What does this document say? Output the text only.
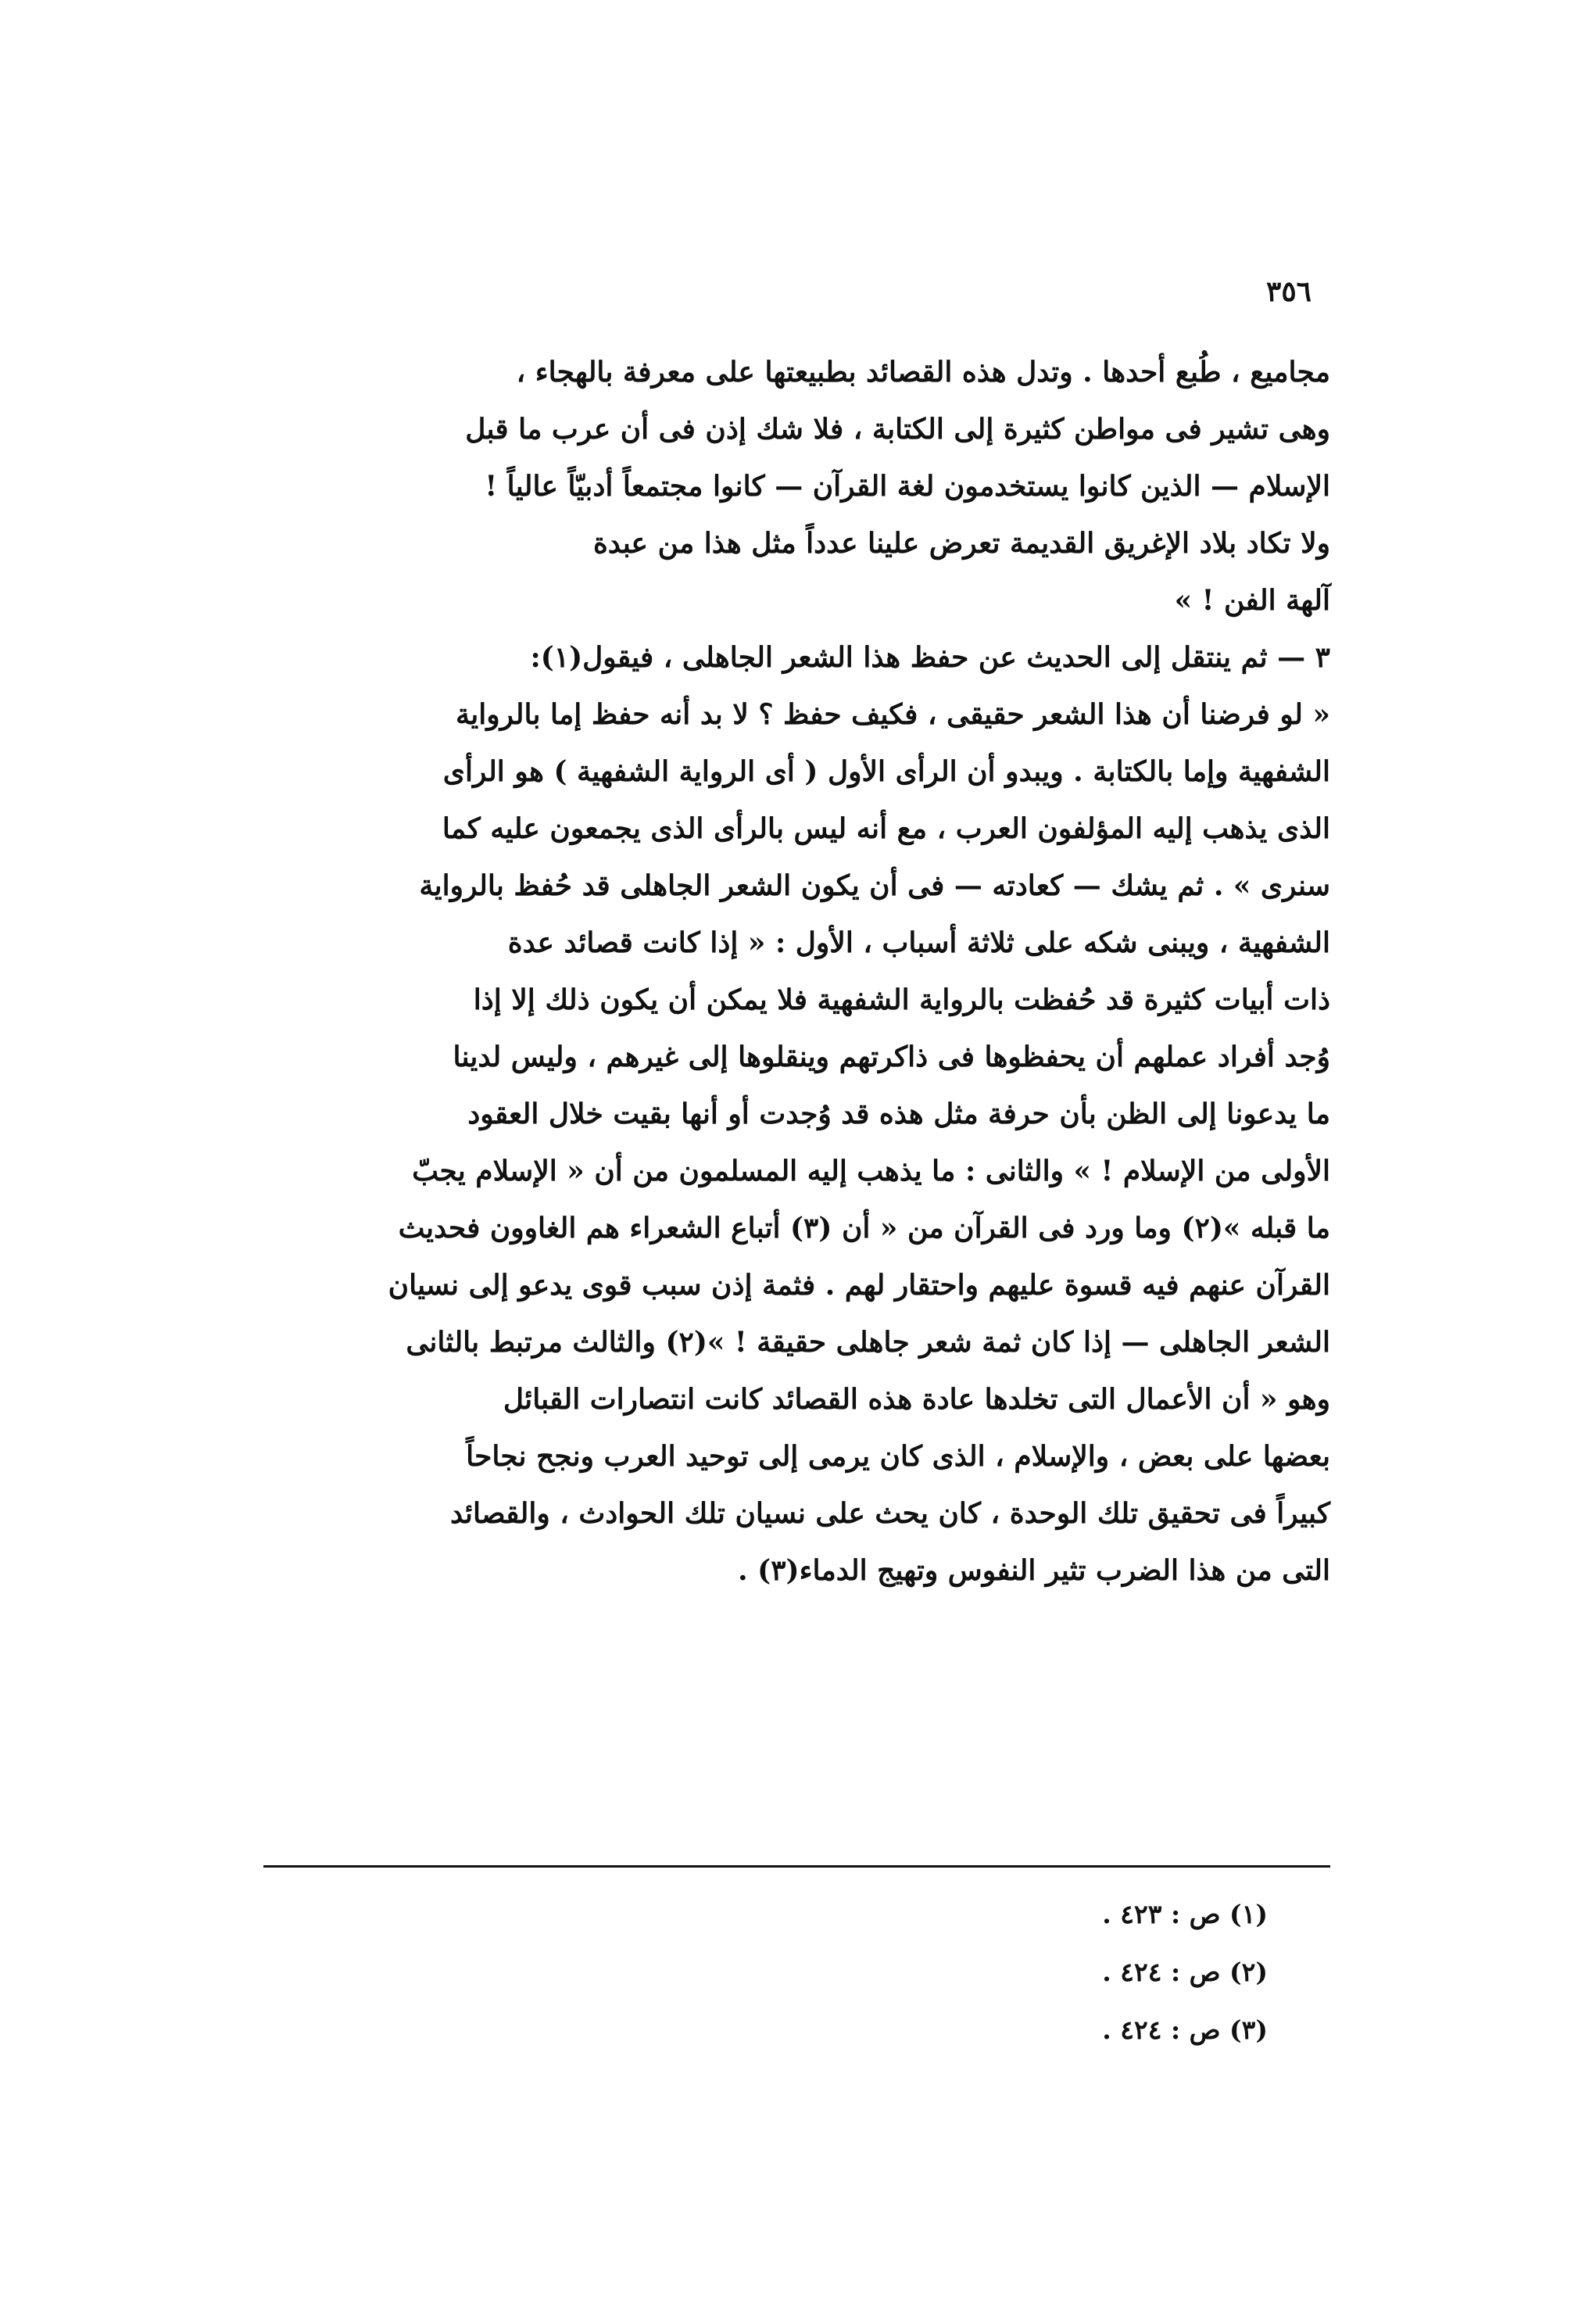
٣٥٦

مجاميع ، طُبع أحدها . وتدل هذه القصائد بطبيعتها على معرفة بالهجاء ،

وهى تشير فى مواطن كثيرة إلى الكتابة ، فلا شك إذن فى أن عرب ما قبل

الإسلام — الذين كانوا يستخدمون لغة القرآن — كانوا مجتمعاً أدبيّاً عالياً !

ولا تكاد بلاد الإغريق القديمة تعرض علينا عدداً مثل هذا من عبدة

آلهة الفن ! »

٣ — ثم ينتقل إلى الحديث عن حفظ هذا الشعر الجاهلى ، فيقول(١):

« لو فرضنا أن هذا الشعر حقيقى ، فكيف حفظ ؟ لا بد أنه حفظ إما بالرواية

الشفهية وإما بالكتابة . ويبدو أن الرأى الأول ( أى الرواية الشفهية ) هو الرأى

الذى يذهب إليه المؤلفون العرب ، مع أنه ليس بالرأى الذى يجمعون عليه كما

سنرى » . ثم يشك — كعادته — فى أن يكون الشعر الجاهلى قد حُفظ بالرواية

الشفهية ، ويبنى شكه على ثلاثة أسباب ، الأول : « إذا كانت قصائد عدة

ذات أبيات كثيرة قد حُفظت بالرواية الشفهية فلا يمكن أن يكون ذلك إلا إذا

وُجد أفراد عملهم أن يحفظوها فى ذاكرتهم وينقلوها إلى غيرهم ، وليس لدينا

ما يدعونا إلى الظن بأن حرفة مثل هذه قد وُجدت أو أنها بقيت خلال العقود

الأولى من الإسلام ! » والثانى : ما يذهب إليه المسلمون من أن « الإسلام يجبّ

ما قبله »(٢) وما ورد فى القرآن من « أن (٣) أتباع الشعراء هم الغاوون فحديث

القرآن عنهم فيه قسوة عليهم واحتقار لهم . فثمة إذن سبب قوى يدعو إلى نسيان

الشعر الجاهلى — إذا كان ثمة شعر جاهلى حقيقة ! »(٢) والثالث مرتبط بالثانى

وهو « أن الأعمال التى تخلدها عادة هذه القصائد كانت انتصارات القبائل

بعضها على بعض ، والإسلام ، الذى كان يرمى إلى توحيد العرب ونجح نجاحاً

كبيراً فى تحقيق تلك الوحدة ، كان يحث على نسيان تلك الحوادث ، والقصائد

التى من هذا الضرب تثير النفوس وتهيج الدماء(٣) .

(١) ص : ٤٢٣ .
(٢) ص : ٤٢٤ .
(٣) ص : ٤٢٤ .
